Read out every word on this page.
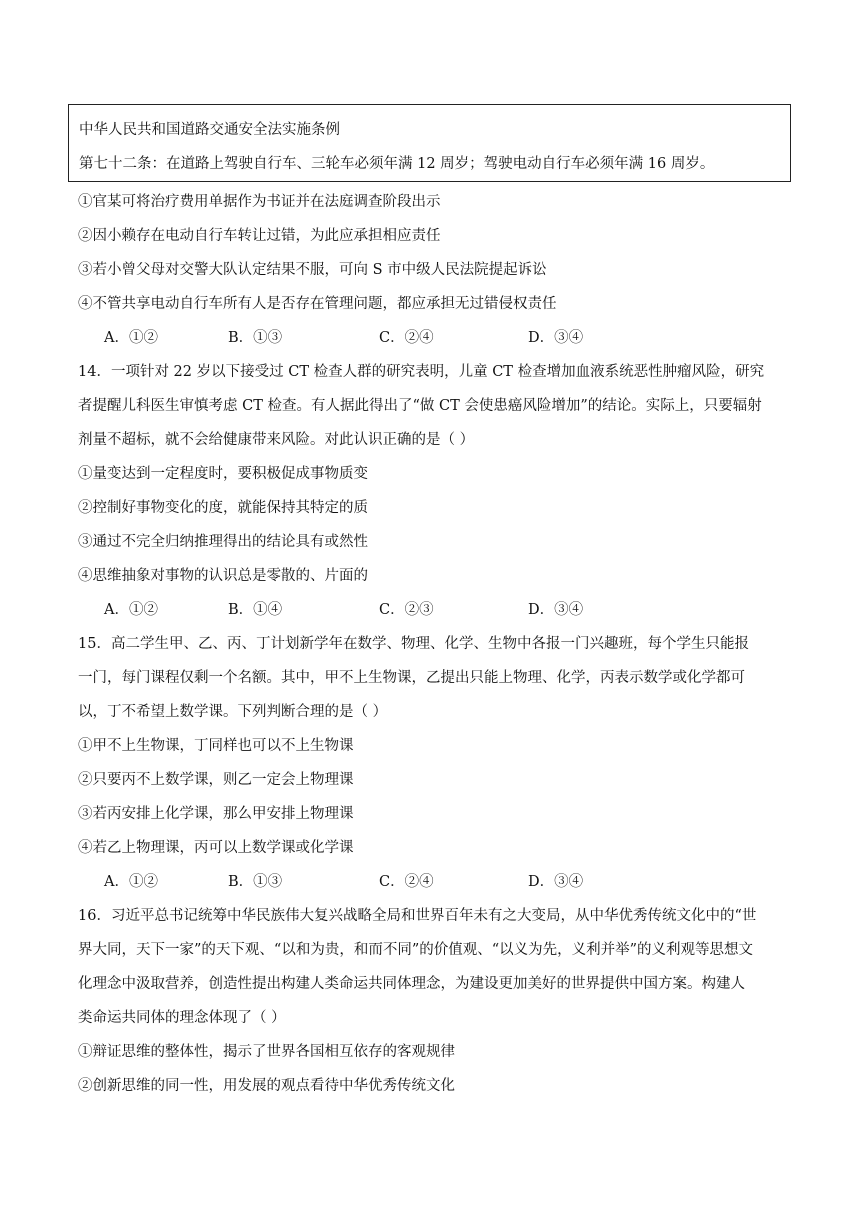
中华人民共和国道路交通安全法实施条例
第七十二条：在道路上驾驶自行车、三轮车必须年满 12 周岁；驾驶电动自行车必须年满 16 周岁。
①官某可将治疗费用单据作为书证并在法庭调查阶段出示
②因小赖存在电动自行车转让过错，为此应承担相应责任
③若小曾父母对交警大队认定结果不服，可向 S 市中级人民法院提起诉讼
④不管共享电动自行车所有人是否存在管理问题，都应承担无过错侵权责任
A．①②	B．①③	C．②④	D．③④
14．一项针对 22 岁以下接受过 CT 检查人群的研究表明，儿童 CT 检查增加血液系统恶性肿瘤风险，研究
者提醒儿科医生审慎考虑 CT 检查。有人据此得出了“做 CT 会使患癌风险增加”的结论。实际上，只要辐射
剂量不超标，就不会给健康带来风险。对此认识正确的是（ ）
①量变达到一定程度时，要积极促成事物质变
②控制好事物变化的度，就能保持其特定的质
③通过不完全归纳推理得出的结论具有或然性
④思维抽象对事物的认识总是零散的、片面的
A．①②	B．①④	C．②③	D．③④
15．高二学生甲、乙、丙、丁计划新学年在数学、物理、化学、生物中各报一门兴趣班，每个学生只能报
一门，每门课程仅剩一个名额。其中，甲不上生物课，乙提出只能上物理、化学，丙表示数学或化学都可
以，丁不希望上数学课。下列判断合理的是（ ）
①甲不上生物课，丁同样也可以不上生物课
②只要丙不上数学课，则乙一定会上物理课
③若丙安排上化学课，那么甲安排上物理课
④若乙上物理课，丙可以上数学课或化学课
A．①②	B．①③	C．②④	D．③④
16．习近平总书记统筹中华民族伟大复兴战略全局和世界百年未有之大变局，从中华优秀传统文化中的“世
界大同，天下一家”的天下观、“以和为贵，和而不同”的价值观、“以义为先，义利并举”的义利观等思想文
化理念中汲取营养，创造性提出构建人类命运共同体理念，为建设更加美好的世界提供中国方案。构建人
类命运共同体的理念体现了（ ）
①辩证思维的整体性，揭示了世界各国相互依存的客观规律
②创新思维的同一性，用发展的观点看待中华优秀传统文化
